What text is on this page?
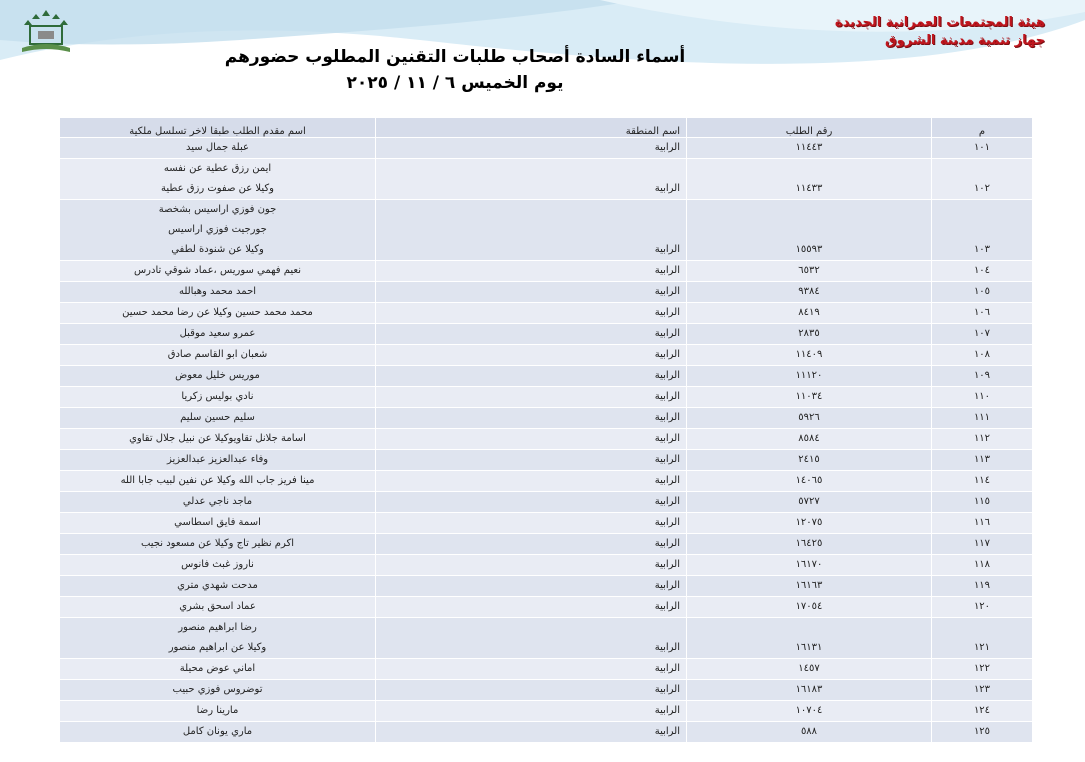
هيئة المجتمعات العمرانية الجديدة
جهاز تنمية مدينة الشروق
أسماء السادة أصحاب طلبات التقنين المطلوب حضورهم
يوم الخميس ٦ / ١١ / ٢٠٢٥
م	رقم الطلب	اسم المنطقة	اسم مقدم الطلب طبقا لاخر تسلسل ملكية
١٠١	١١٤٤٣	الرابية	عبلة جمال سيد

١٠٢	١١٤٣٣	الرابية	ايمن رزق عطية عن نفسه
وكيلا عن صفوت رزق عطية

١٠٣	١٥٥٩٣	الرابية	جون فوزي اراسيس بشخصة
جورجيت فوزي اراسيس
وكيلا عن شنودة لطفي

١٠٤	٦٥٣٢	الرابية	نعيم فهمي سوريس ،عماد شوقي تادرس

١٠٥	٩٣٨٤	الرابية	احمد محمد وهبالله

١٠٦	٨٤١٩	الرابية	محمد محمد حسين وكيلا عن رضا محمد حسين

١٠٧	٢٨٣٥	الرابية	عمرو سعيد موقبل

١٠٨	١١٤٠٩	الرابية	شعبان ابو القاسم صادق

١٠٩	١١١٢٠	الرابية	موريس خليل معوض

١١٠	١١٠٣٤	الرابية	نادي بوليس زكريا

١١١	٥٩٢٦	الرابية	سليم حسين سليم

١١٢	٨٥٨٤	الرابية	اسامة جلانل تقاويوكيلا عن نبيل جلال تقاوي

١١٣	٢٤١٥	الرابية	وفاء عبدالعزيز عبدالعزيز

١١٤	١٤٠٦٥	الرابية	مينا فريز جاب الله وكيلا عن نفين لبيب جابا الله

١١٥	٥٧٢٧	الرابية	ماجد ناجي عدلي

١١٦	١٢٠٧٥	الرابية	اسمة فايق اسطاسي

١١٧	١٦٤٢٥	الرابية	اكرم نظير تاج وكيلا عن مسعود نجيب

١١٨	١٦١٧٠	الرابية	ناروز غبث فانوس

١١٩	١٦١٦٣	الرابية	مدحت شهدي متري

١٢٠	١٧٠٥٤	الرابية	عماد اسحق بشري

١٢١	١٦١٣١	الرابية	رضا ابراهيم منصور
وكيلا عن ابراهيم منصور

١٢٢	١٤٥٧	الرابية	اماني عوض محيلة

١٢٣	١٦١٨٣	الرابية	توضروس فوزي حبيب

١٢٤	١٠٧٠٤	الرابية	مارينا رضا

١٢٥	٥٨٨	الرابية	ماري يونان كامل
